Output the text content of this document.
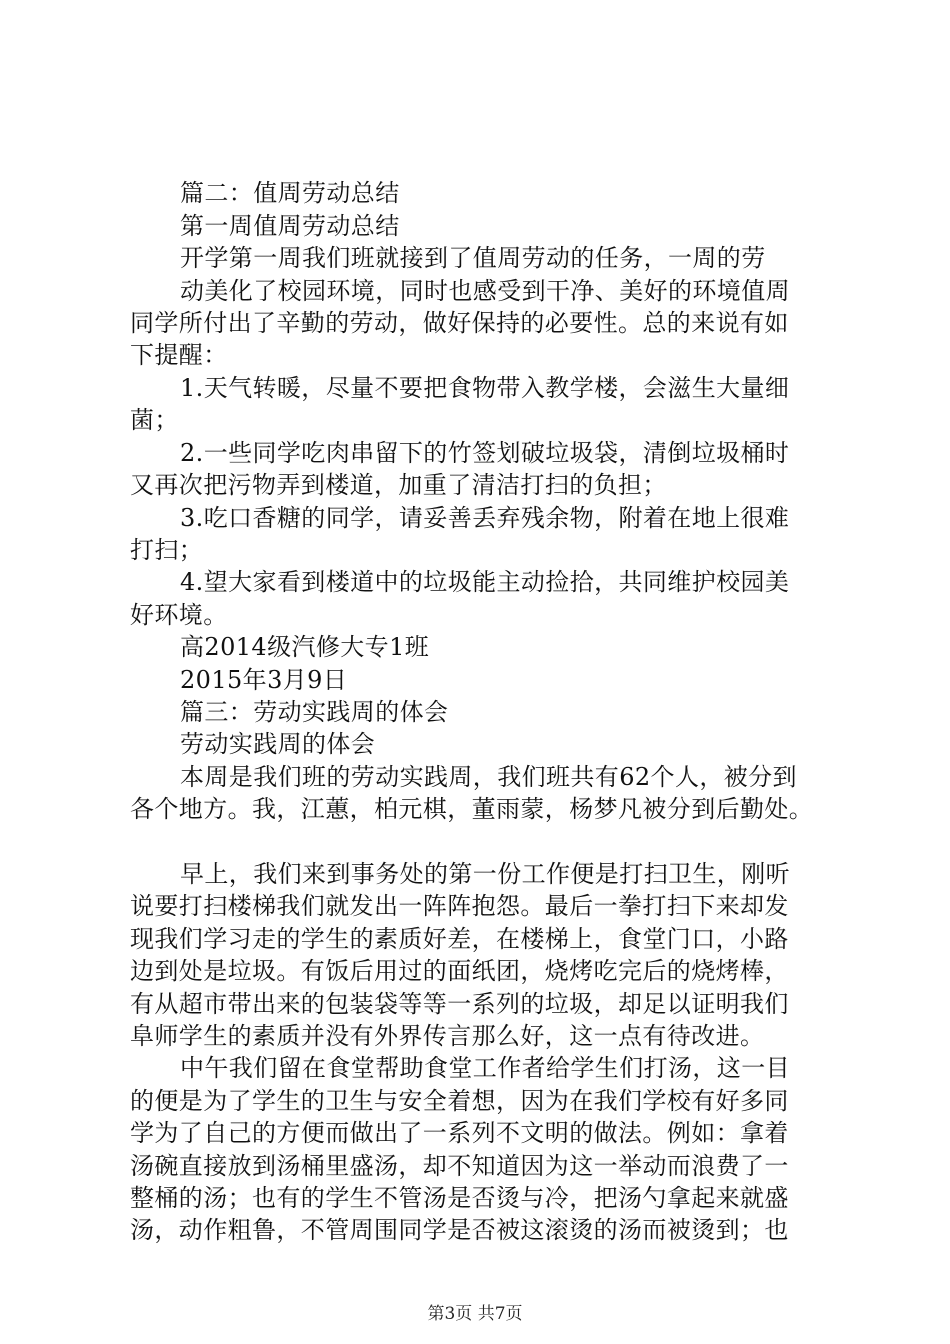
篇二：值周劳动总结
第一周值周劳动总结
开学第一周我们班就接到了值周劳动的任务，一周的劳
动美化了校园环境，同时也感受到干净、美好的环境值周
同学所付出了辛勤的劳动，做好保持的必要性。总的来说有如
下提醒：
1.天气转暖，尽量不要把食物带入教学楼，会滋生大量细
菌；
2.一些同学吃肉串留下的竹签划破垃圾袋，清倒垃圾桶时
又再次把污物弄到楼道，加重了清洁打扫的负担；
3.吃口香糖的同学，请妥善丢弃残余物，附着在地上很难
打扫；
4.望大家看到楼道中的垃圾能主动捡拾，共同维护校园美
好环境。
高2014级汽修大专1班
2015年3月9日
篇三：劳动实践周的体会
劳动实践周的体会
本周是我们班的劳动实践周，我们班共有62个人，被分到
各个地方。我，江蕙，柏元棋，董雨蒙，杨梦凡被分到后勤处。
早上，我们来到事务处的第一份工作便是打扫卫生，刚听
说要打扫楼梯我们就发出一阵阵抱怨。最后一拳打扫下来却发
现我们学习走的学生的素质好差，在楼梯上，食堂门口，小路
边到处是垃圾。有饭后用过的面纸团，烧烤吃完后的烧烤棒，
有从超市带出来的包装袋等等一系列的垃圾，却足以证明我们
阜师学生的素质并没有外界传言那么好，这一点有待改进。
中午我们留在食堂帮助食堂工作者给学生们打汤，这一目
的便是为了学生的卫生与安全着想，因为在我们学校有好多同
学为了自己的方便而做出了一系列不文明的做法。例如：拿着
汤碗直接放到汤桶里盛汤，却不知道因为这一举动而浪费了一
整桶的汤；也有的学生不管汤是否烫与冷，把汤勺拿起来就盛
汤，动作粗鲁，不管周围同学是否被这滚烫的汤而被烫到；也
第3页 共7页
